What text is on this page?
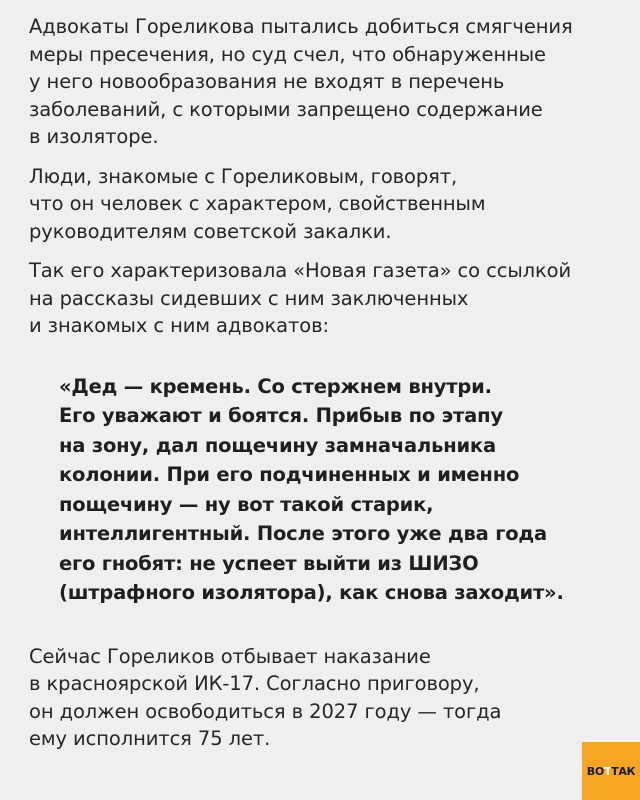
Адвокаты Гореликова пытались добиться смягчения
меры пресечения, но суд счел, что обнаруженные
у него новообразования не входят в перечень
заболеваний, с которыми запрещено содержание
в изоляторе.

Люди, знакомые с Гореликовым, говорят,
что он человек с характером, свойственным
руководителям советской закалки.

Так его характеризовала «Новая газета» со ссылкой
на рассказы сидевших с ним заключенных
и знакомых с ним адвокатов:

«Дед — кремень. Со стержнем внутри.
Его уважают и боятся. Прибыв по этапу
на зону, дал пощечину замначальника
колонии. При его подчиненных и именно
пощечину — ну вот такой старик,
интеллигентный. После этого уже два года
его гнобят: не успеет выйти из ШИЗО
(штрафного изолятора), как снова заходит».

Сейчас Гореликов отбывает наказание
в красноярской ИК-17. Согласно приговору,
он должен освободиться в 2027 году — тогда
ему исполнится 75 лет.

ВОТТАК
